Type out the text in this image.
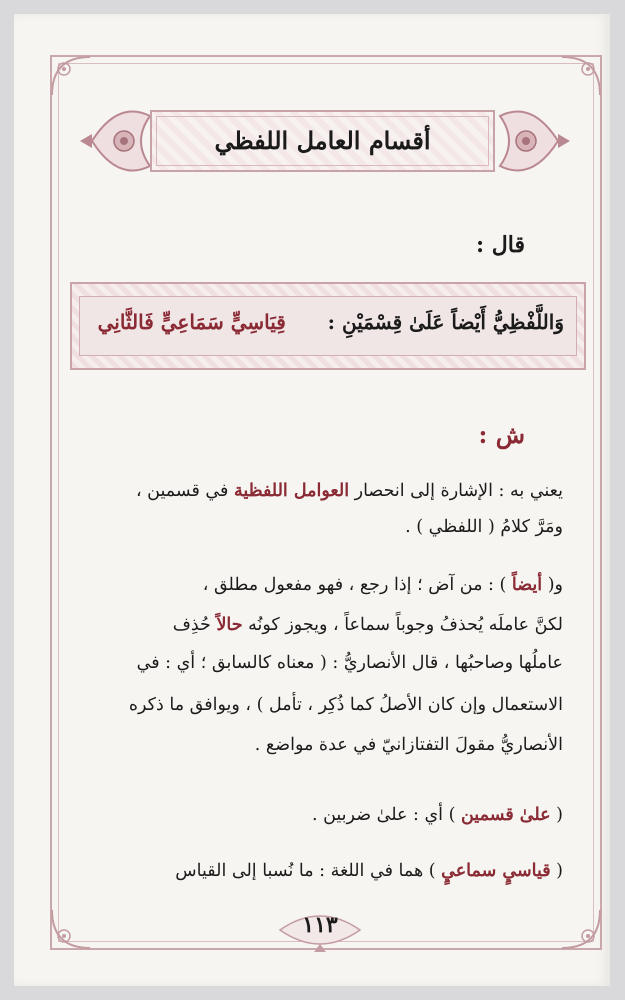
أقسام العامل اللفظي
قال :
وَاللَّفْظِيُّ أَيْضاً عَلَىٰ قِسْمَيْنِ :      قِيَاسِيٍّ سَمَاعِيٍّ فَالثَّانِي
ش :
يعني به : الإشارة إلى انحصار العوامل اللفظية في قسمين ،
ومَرَّ كلامُ ( اللفظي ) .
و( أيضاً ) : من آض ؛ إذا رجع ، فهو مفعول مطلق ،
لكنَّ عاملَه يُحذفُ وجوباً سماعاً ، ويجوز كونُه حالاً حُذِف
عاملُها وصاحبُها ، قال الأنصاريُّ : ( معناه كالسابق ؛ أي : في
الاستعمال وإن كان الأصلُ كما ذُكِر ، تأمل ) ، ويوافق ما ذكره
الأنصاريُّ مقولَ التفتازانيّ في عدة مواضع .
( علىٰ قسمين ) أي : علىٰ ضربين .
( قياسيٍ سماعيٍ ) هما في اللغة : ما نُسبا إلى القياس
١١٣
